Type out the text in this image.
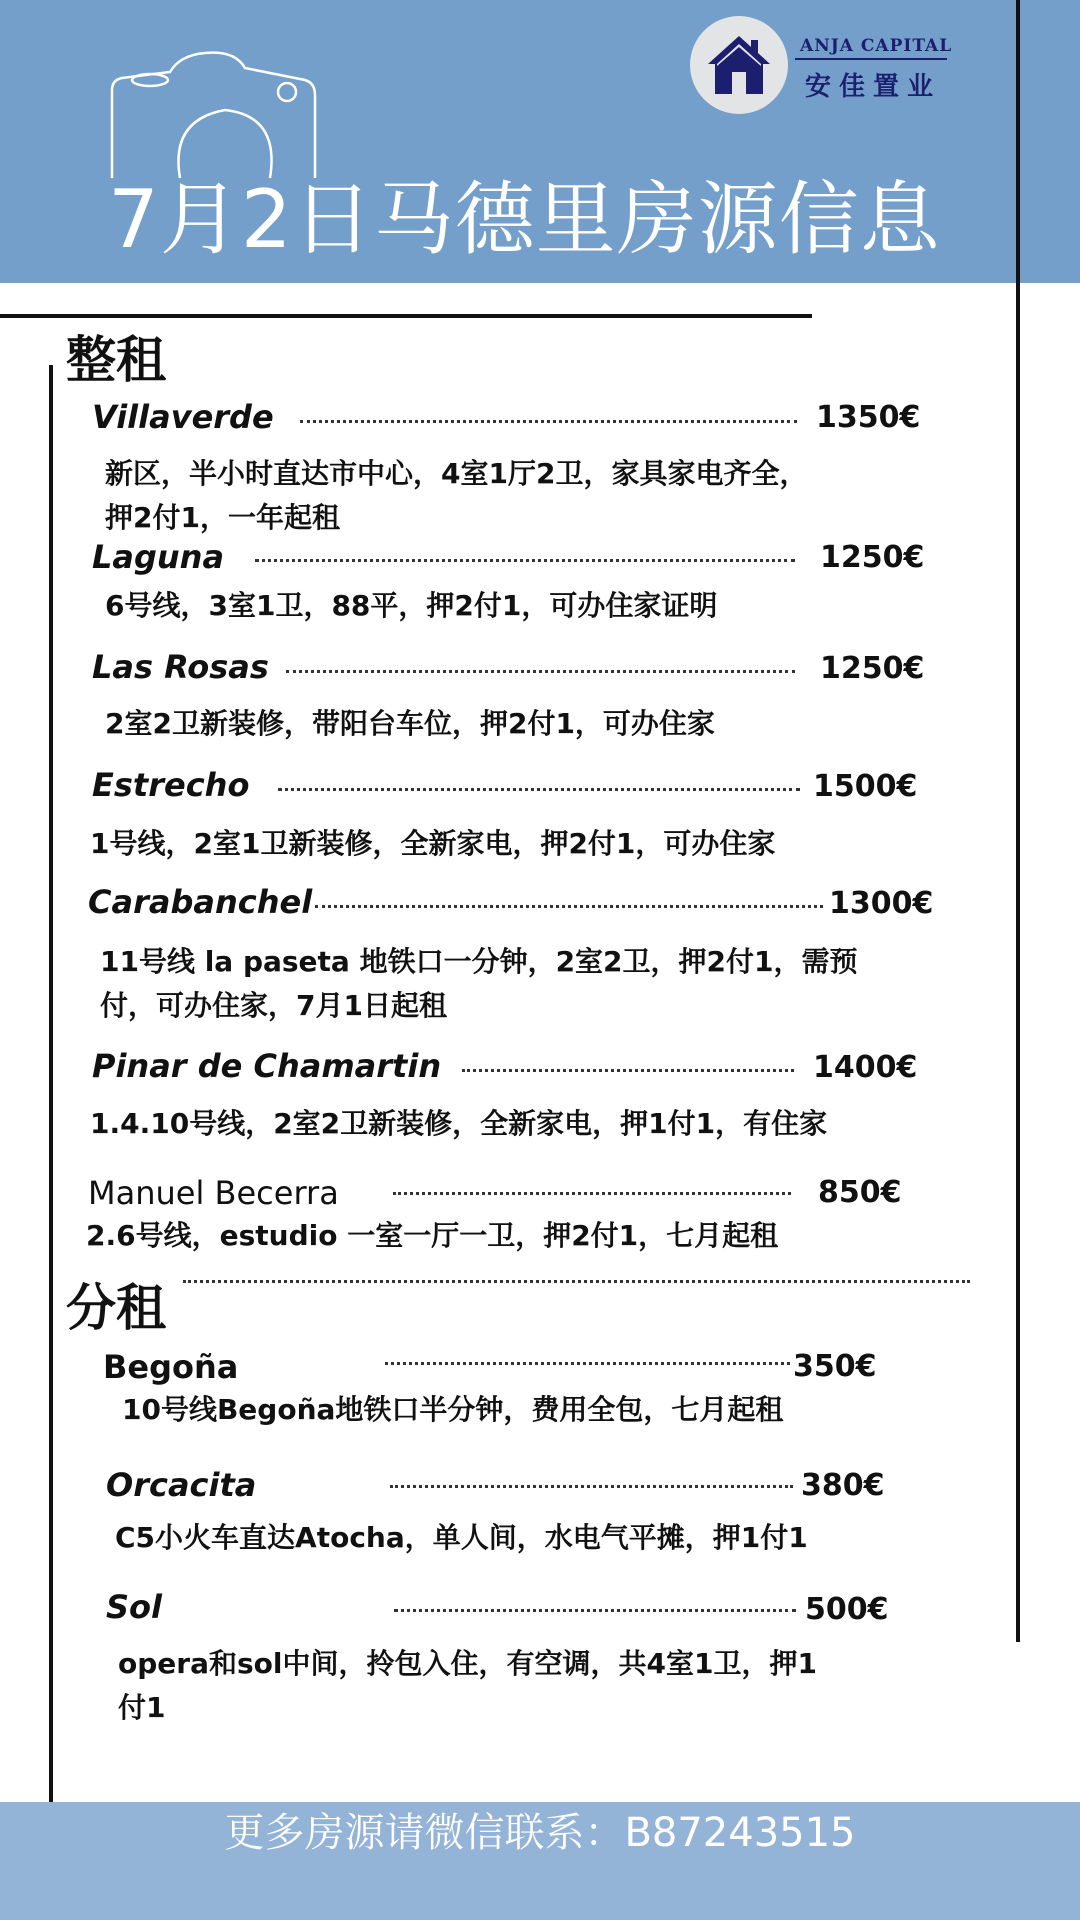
7月2日马德里房源信息
ANJA CAPITAL
安佳置业
整租
Villaverde	1350€
新区，半小时直达市中心，4室1厅2卫，家具家电齐全，
押2付1，一年起租
Laguna	1250€
6号线，3室1卫，88平，押2付1，可办住家证明
Las Rosas	1250€
2室2卫新装修，带阳台车位，押2付1，可办住家
Estrecho	1500€
1号线，2室1卫新装修，全新家电，押2付1，可办住家
Carabanchel	1300€
11号线 la paseta 地铁口一分钟，2室2卫，押2付1，需预
付，可办住家，7月1日起租
Pinar de Chamartin	1400€
1.4.10号线，2室2卫新装修，全新家电，押1付1，有住家
Manuel Becerra	850€
2.6号线，estudio 一室一厅一卫，押2付1，七月起租
分租
Begoña	350€
10号线Begoña地铁口半分钟，费用全包，七月起租
Orcacita	380€
C5小火车直达Atocha，单人间，水电气平摊，押1付1
Sol	500€
opera和sol中间，拎包入住，有空调，共4室1卫，押1
付1
更多房源请微信联系：B87243515
